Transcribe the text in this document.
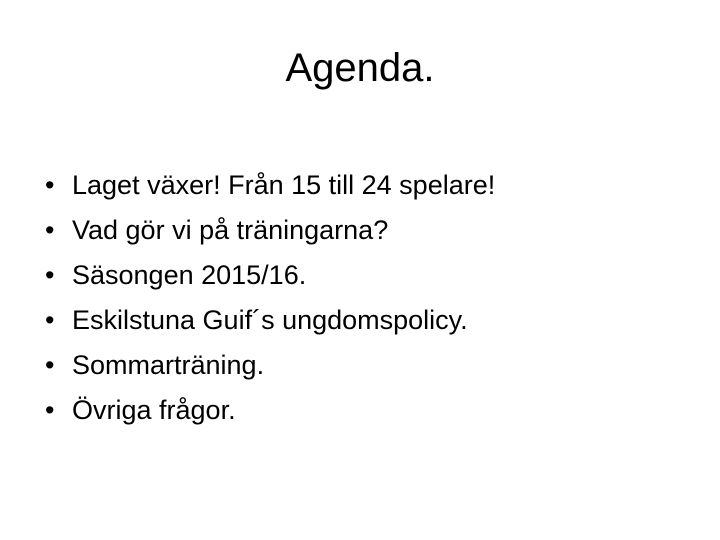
Agenda.
• Laget växer! Från 15 till 24 spelare!
• Vad gör vi på träningarna?
• Säsongen 2015/16.
• Eskilstuna Guif´s ungdomspolicy.
• Sommarträning.
• Övriga frågor.
